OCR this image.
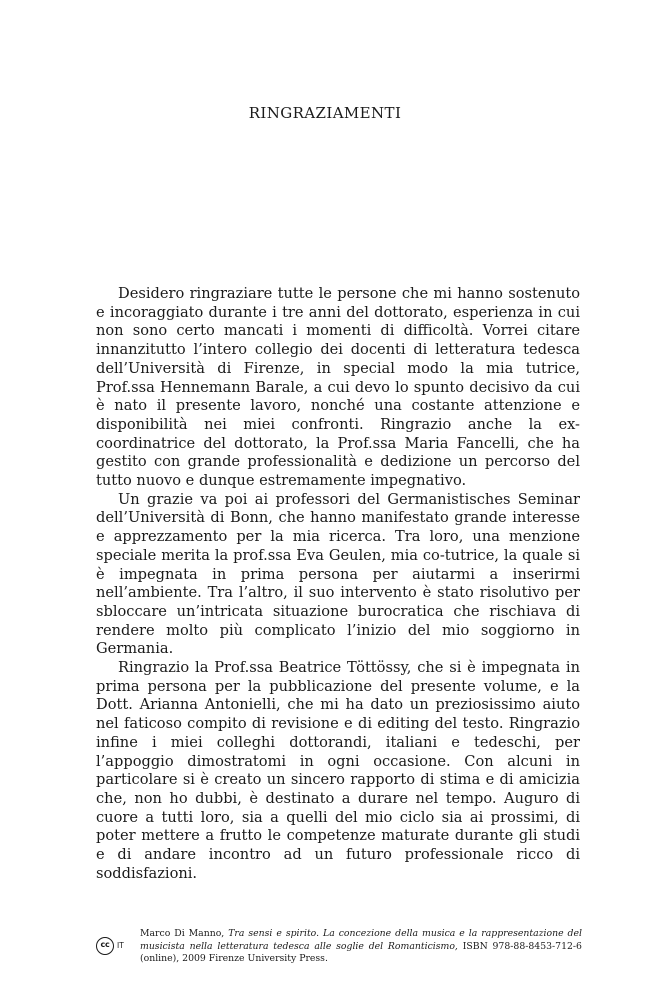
RINGRAZIAMENTI

Desidero ringraziare tutte le persone che mi hanno sostenuto e incoraggiato durante i tre anni del dottorato, esperienza in cui non sono certo mancati i momenti di difficoltà. Vorrei citare innanzitutto l’intero collegio dei docenti di letteratura tedesca dell’Università di Firenze, in special modo la mia tutrice, Prof.ssa Hennemann Barale, a cui devo lo spunto decisivo da cui è nato il presente lavoro, nonché una costante attenzione e disponibilità nei miei confronti. Ringrazio anche la ex-coordinatrice del dottorato, la Prof.ssa Maria Fancelli, che ha gestito con grande professionalità e dedizione un percorso del tutto nuovo e dunque estremamente impegnativo.

Un grazie va poi ai professori del Germanistisches Seminar dell’Università di Bonn, che hanno manifestato grande interesse e apprezzamento per la mia ricerca. Tra loro, una menzione speciale merita la prof.ssa Eva Geulen, mia co-tutrice, la quale si è impegnata in prima persona per aiutarmi a inserirmi nell’ambiente. Tra l’altro, il suo intervento è stato risolutivo per sbloccare un’intricata situazione burocratica che rischiava di rendere molto più complicato l’inizio del mio soggiorno in Germania.

Ringrazio la Prof.ssa Beatrice Töttössy, che si è impegnata in prima persona per la pubblicazione del presente volume, e la Dott. Arianna Antonielli, che mi ha dato un preziosissimo aiuto nel faticoso compito di revisione e di editing del testo. Ringrazio infine i miei colleghi dottorandi, italiani e tedeschi, per l’appoggio dimostratomi in ogni occasione. Con alcuni in particolare si è creato un sincero rapporto di stima e di amicizia che, non ho dubbi, è destinato a durare nel tempo. Auguro di cuore a tutti loro, sia a quelli del mio ciclo sia ai prossimi, di poter mettere a frutto le competenze maturate durante gli studi e di andare incontro ad un futuro professionale ricco di soddisfazioni.

cc	IT
Marco Di Manno, Tra sensi e spirito. La concezione della musica e la rappresentazione del musicista nella letteratura tedesca alle soglie del Romanticismo, ISBN 978-88-8453-712-6 (online), 2009 Firenze University Press.
